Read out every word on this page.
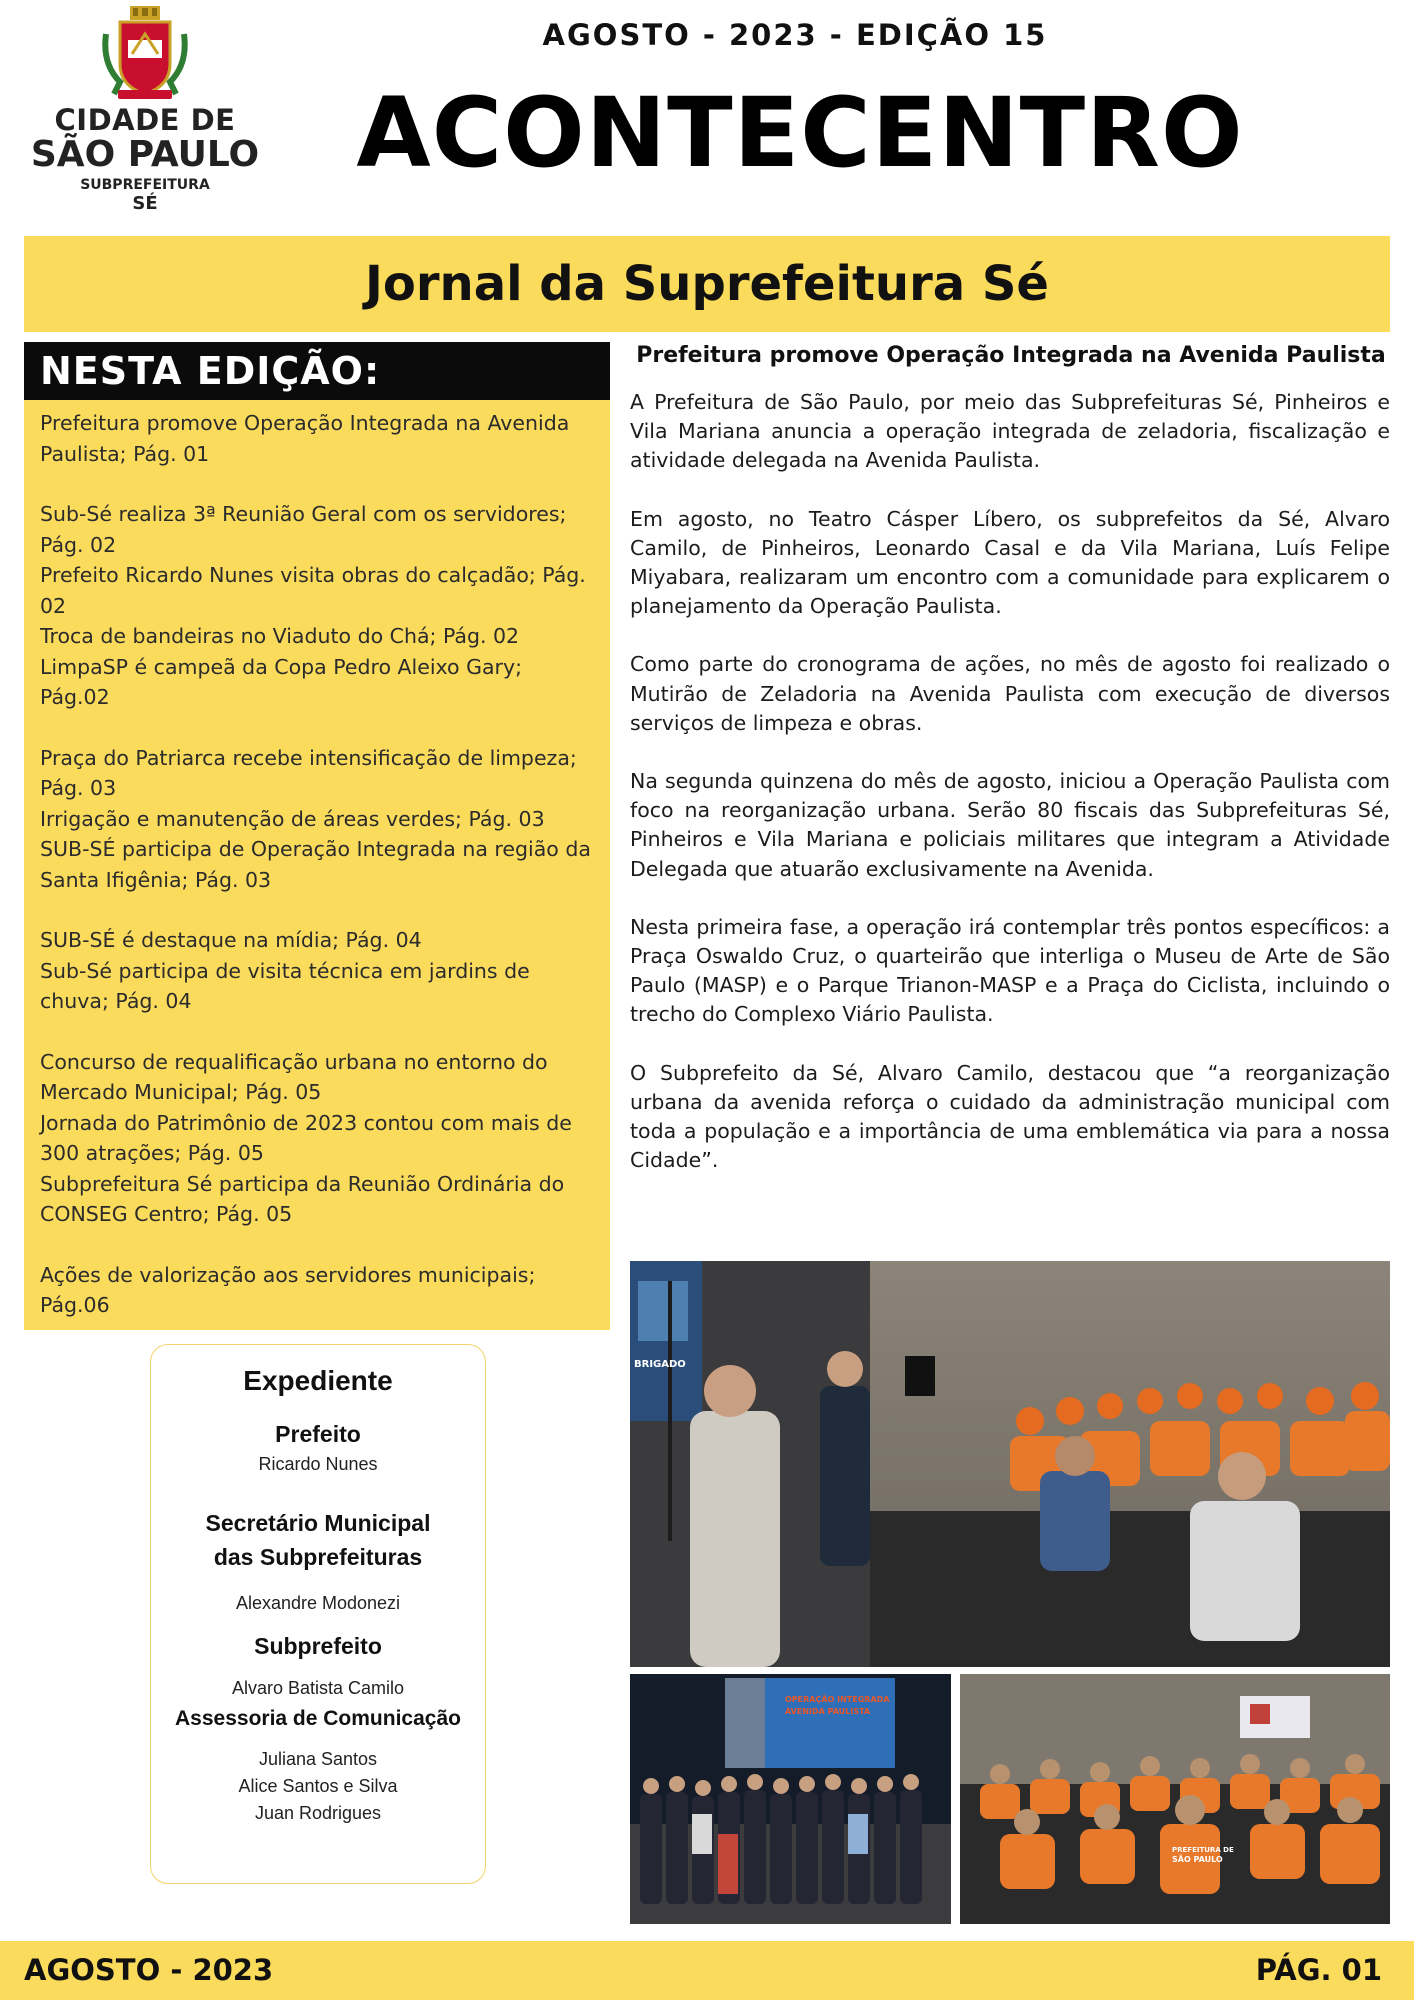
CIDADE DE
SÃO PAULO
SUBPREFEITURA
SÉ
AGOSTO - 2023 - EDIÇÃO 15
ACONTECENTRO
Jornal da Suprefeitura Sé
NESTA EDIÇÃO:
Prefeitura promove Operação Integrada na Avenida Paulista; Pág. 01
Sub-Sé realiza 3ª Reunião Geral com os servidores; Pág. 02
Prefeito Ricardo Nunes visita obras do calçadão; Pág. 02
Troca de bandeiras no Viaduto do Chá; Pág. 02
LimpaSP é campeã da Copa Pedro Aleixo Gary; Pág.02
Praça do Patriarca recebe intensificação de limpeza; Pág. 03
Irrigação e manutenção de áreas verdes; Pág. 03
SUB-SÉ participa de Operação Integrada na região da Santa Ifigênia; Pág. 03
SUB-SÉ é destaque na mídia; Pág. 04
Sub-Sé participa de visita técnica em jardins de chuva; Pág. 04
Concurso de requalificação urbana no entorno do Mercado Municipal; Pág. 05
Jornada do Patrimônio de 2023 contou com mais de 300 atrações; Pág. 05
Subprefeitura Sé participa da Reunião Ordinária do CONSEG Centro; Pág. 05
Ações de valorização aos servidores municipais; Pág.06
Expediente
Prefeito
Ricardo Nunes
Secretário Municipal
das Subprefeituras
Alexandre Modonezi
Subprefeito
Alvaro Batista Camilo
Assessoria de Comunicação
Juliana Santos
Alice Santos e Silva
Juan Rodrigues
Prefeitura promove Operação Integrada na Avenida Paulista

A Prefeitura de São Paulo, por meio das Subprefeituras Sé, Pinheiros e Vila Mariana anuncia a operação integrada de zeladoria, fiscalização e atividade delegada na Avenida Paulista.

Em agosto, no Teatro Cásper Líbero, os subprefeitos da Sé, Alvaro Camilo, de Pinheiros, Leonardo Casal e da Vila Mariana, Luís Felipe Miyabara, realizaram um encontro com a comunidade para explicarem o planejamento da Operação Paulista.

Como parte do cronograma de ações, no mês de agosto foi realizado o Mutirão de Zeladoria na Avenida Paulista com execução de diversos serviços de limpeza e obras.

Na segunda quinzena do mês de agosto, iniciou a Operação Paulista com foco na reorganização urbana. Serão 80 fiscais das Subprefeituras Sé, Pinheiros e Vila Mariana e policiais militares que integram a Atividade Delegada que atuarão exclusivamente na Avenida.

Nesta primeira fase, a operação irá contemplar três pontos específicos: a Praça Oswaldo Cruz, o quarteirão que interliga o Museu de Arte de São Paulo (MASP) e o Parque Trianon-MASP e a Praça do Ciclista, incluindo o trecho do Complexo Viário Paulista.

O Subprefeito da Sé, Alvaro Camilo, destacou que “a reorganização urbana da avenida reforça o cuidado da administração municipal com toda a população e a importância de uma emblemática via para a nossa Cidade”.

BRIGADO
OPERAÇÃO INTEGRADA
AVENIDA PAULISTA
PREFEITURA DE
SÃO PAULO
AGOSTO - 2023	PÁG. 01
